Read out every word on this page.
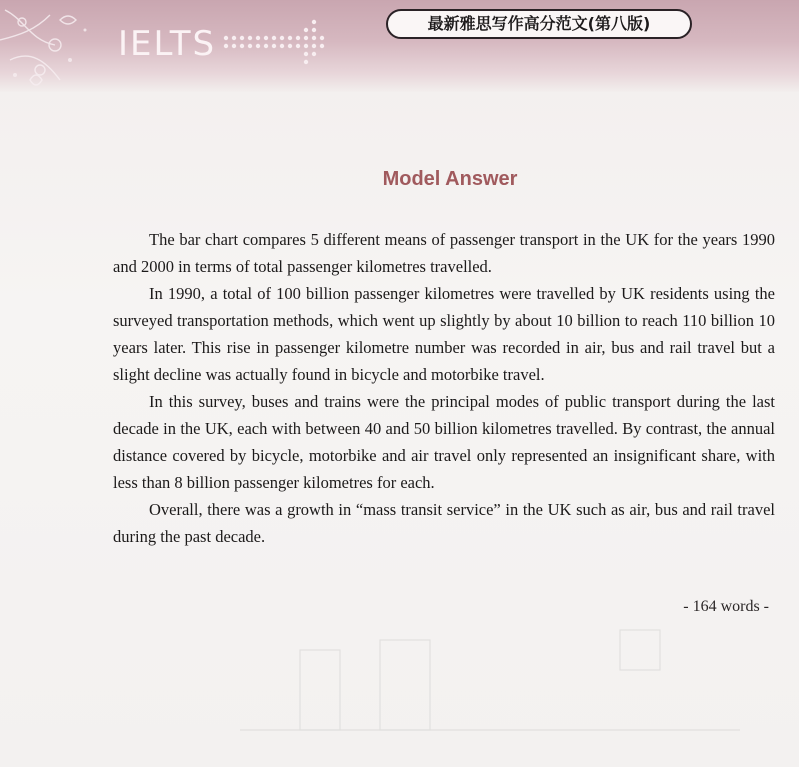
IELTS
最新雅思写作高分范文(第八版)
Model Answer

The bar chart compares 5 different means of passenger transport in the UK for the years 1990 and 2000 in terms of total passenger kilometres travelled.

In 1990, a total of 100 billion passenger kilometres were travelled by UK residents using the surveyed transportation methods, which went up slightly by about 10 billion to reach 110 billion 10 years later. This rise in passenger kilometre number was recorded in air, bus and rail travel but a slight decline was actually found in bicycle and motorbike travel.

In this survey, buses and trains were the principal modes of public transport during the last decade in the UK, each with between 40 and 50 billion kilometres travelled. By contrast, the annual distance covered by bicycle, motorbike and air travel only represented an insignificant share, with less than 8 billion passenger kilometres for each.

Overall, there was a growth in “mass transit service” in the UK such as air, bus and rail travel during the past decade.

- 164 words -
